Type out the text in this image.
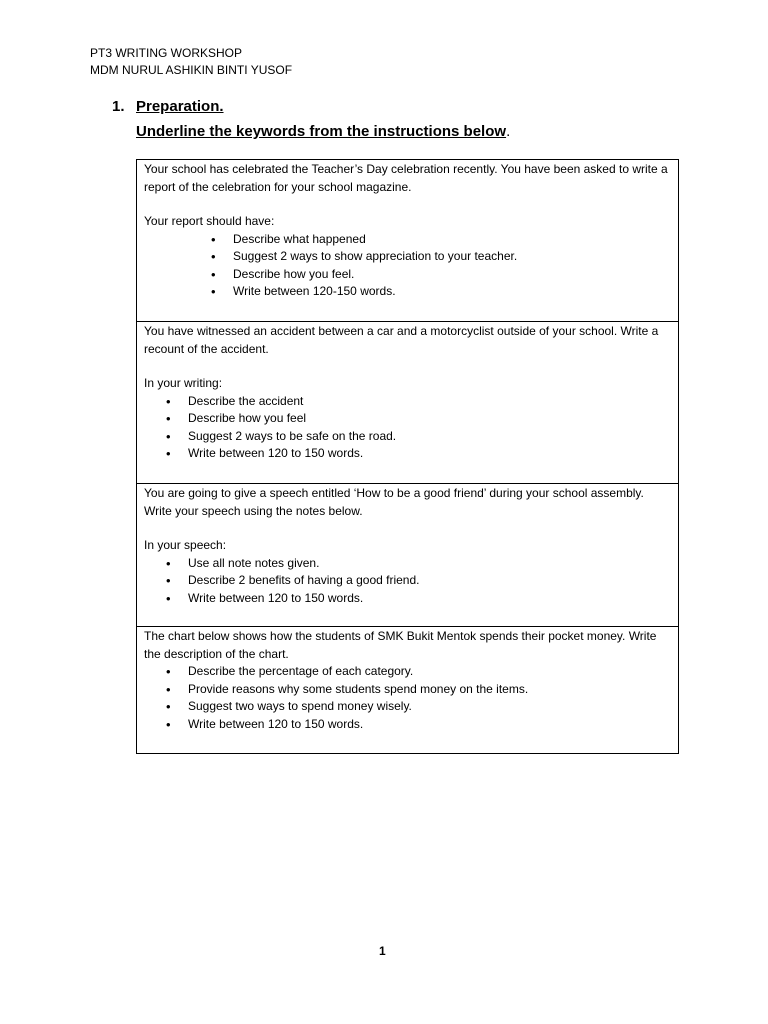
PT3 WRITING WORKSHOP
MDM NURUL ASHIKIN BINTI YUSOF
1. Preparation.
Underline the keywords from the instructions below.
Your school has celebrated the Teacher’s Day celebration recently. You have been asked to write a report of the celebration for your school magazine.
Your report should have:
• Describe what happened
• Suggest 2 ways to show appreciation to your teacher.
• Describe how you feel.
• Write between 120-150 words.

You have witnessed an accident between a car and a motorcyclist outside of your school. Write a recount of the accident.
In your writing:
• Describe the accident
• Describe how you feel
• Suggest 2 ways to be safe on the road.
• Write between 120 to 150 words.

You are going to give a speech entitled ‘How to be a good friend’ during your school assembly. Write your speech using the notes below.
In your speech:
• Use all note notes given.
• Describe 2 benefits of having a good friend.
• Write between 120 to 150 words.

The chart below shows how the students of SMK Bukit Mentok spends their pocket money. Write the description of the chart.
• Describe the percentage of each category.
• Provide reasons why some students spend money on the items.
• Suggest two ways to spend money wisely.
• Write between 120 to 150 words.
1
